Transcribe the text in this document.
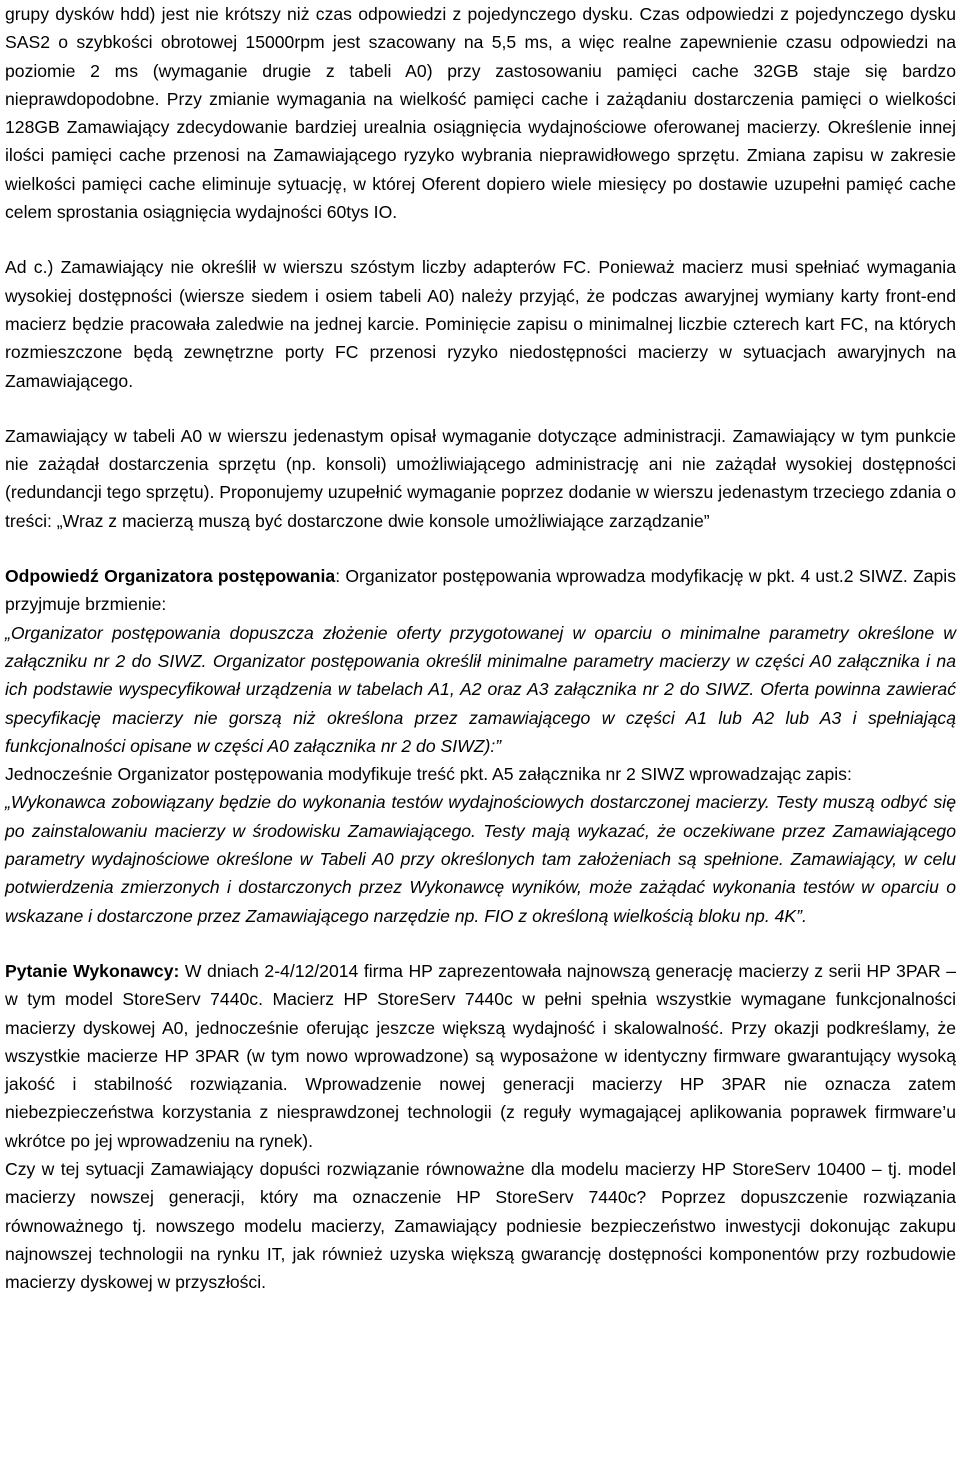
grupy dysków hdd) jest nie krótszy niż czas odpowiedzi z pojedynczego dysku. Czas odpowiedzi z pojedynczego dysku SAS2 o szybkości obrotowej 15000rpm jest szacowany na 5,5 ms, a więc realne zapewnienie czasu odpowiedzi na poziomie 2 ms (wymaganie drugie z tabeli A0) przy zastosowaniu pamięci cache 32GB staje się bardzo nieprawdopodobne. Przy zmianie wymagania na wielkość pamięci cache i zażądaniu dostarczenia pamięci o wielkości 128GB Zamawiający zdecydowanie bardziej urealnia osiągnięcia wydajnościowe oferowanej macierzy. Określenie innej ilości pamięci cache przenosi na Zamawiającego ryzyko wybrania nieprawidłowego sprzętu. Zmiana zapisu w zakresie wielkości pamięci cache eliminuje sytuację, w której Oferent dopiero wiele miesięcy po dostawie uzupełni pamięć cache celem sprostania osiągnięcia wydajności 60tys IO.

Ad c.) Zamawiający nie określił w wierszu szóstym liczby adapterów FC. Ponieważ macierz musi spełniać wymagania wysokiej dostępności (wiersze siedem i osiem tabeli A0) należy przyjąć, że podczas awaryjnej wymiany karty front-end macierz będzie pracowała zaledwie na jednej karcie. Pominięcie zapisu o minimalnej liczbie czterech kart FC, na których rozmieszczone będą zewnętrzne porty FC przenosi ryzyko niedostępności macierzy w sytuacjach awaryjnych na Zamawiającego.

Zamawiający w tabeli A0 w wierszu jedenastym opisał wymaganie dotyczące administracji. Zamawiający w tym punkcie nie zażądał dostarczenia sprzętu (np. konsoli) umożliwiającego administrację ani nie zażądał wysokiej dostępności (redundancji tego sprzętu). Proponujemy uzupełnić wymaganie poprzez dodanie w wierszu jedenastym trzeciego zdania o treści: „Wraz z macierzą muszą być dostarczone dwie konsole umożliwiające zarządzanie”

Odpowiedź Organizatora postępowania: Organizator postępowania wprowadza modyfikację w pkt. 4 ust.2 SIWZ. Zapis przyjmuje brzmienie:

„Organizator postępowania dopuszcza złożenie oferty przygotowanej w oparciu o minimalne parametry określone w załączniku nr 2 do SIWZ. Organizator postępowania określił minimalne parametry macierzy w części A0 załącznika i na ich podstawie wyspecyfikował urządzenia w tabelach A1, A2 oraz A3 załącznika nr 2 do SIWZ. Oferta powinna zawierać specyfikację macierzy nie gorszą niż określona przez zamawiającego w części A1 lub A2 lub A3 i spełniającą funkcjonalności opisane w części A0 załącznika nr 2 do SIWZ):”

Jednocześnie Organizator postępowania modyfikuje treść pkt. A5 załącznika nr 2 SIWZ wprowadzając zapis:

„Wykonawca zobowiązany będzie do wykonania testów wydajnościowych dostarczonej macierzy. Testy muszą odbyć się po zainstalowaniu macierzy w środowisku Zamawiającego. Testy mają wykazać, że oczekiwane przez Zamawiającego parametry wydajnościowe określone w Tabeli A0 przy określonych tam założeniach są spełnione. Zamawiający, w celu potwierdzenia zmierzonych i dostarczonych przez Wykonawcę wyników, może zażądać wykonania testów w oparciu o wskazane i dostarczone przez Zamawiającego narzędzie np. FIO z określoną wielkością bloku np. 4K”.

Pytanie Wykonawcy: W dniach 2-4/12/2014 firma HP zaprezentowała najnowszą generację macierzy z serii HP 3PAR – w tym model StoreServ 7440c. Macierz HP StoreServ 7440c w pełni spełnia wszystkie wymagane funkcjonalności macierzy dyskowej A0, jednocześnie oferując jeszcze większą wydajność i skalowalność. Przy okazji podkreślamy, że wszystkie macierze HP 3PAR (w tym nowo wprowadzone) są wyposażone w identyczny firmware gwarantujący wysoką jakość i stabilność rozwiązania. Wprowadzenie nowej generacji macierzy HP 3PAR nie oznacza zatem niebezpieczeństwa korzystania z niesprawdzonej technologii (z reguły wymagającej aplikowania poprawek firmware’u wkrótce po jej wprowadzeniu na rynek).

Czy w tej sytuacji Zamawiający dopuści rozwiązanie równoważne dla modelu macierzy HP StoreServ 10400 – tj. model macierzy nowszej generacji, który ma oznaczenie HP StoreServ 7440c? Poprzez dopuszczenie rozwiązania równoważnego tj. nowszego modelu macierzy, Zamawiający podniesie bezpieczeństwo inwestycji dokonując zakupu najnowszej technologii na rynku IT, jak również uzyska większą gwarancję dostępności komponentów przy rozbudowie macierzy dyskowej w przyszłości.
